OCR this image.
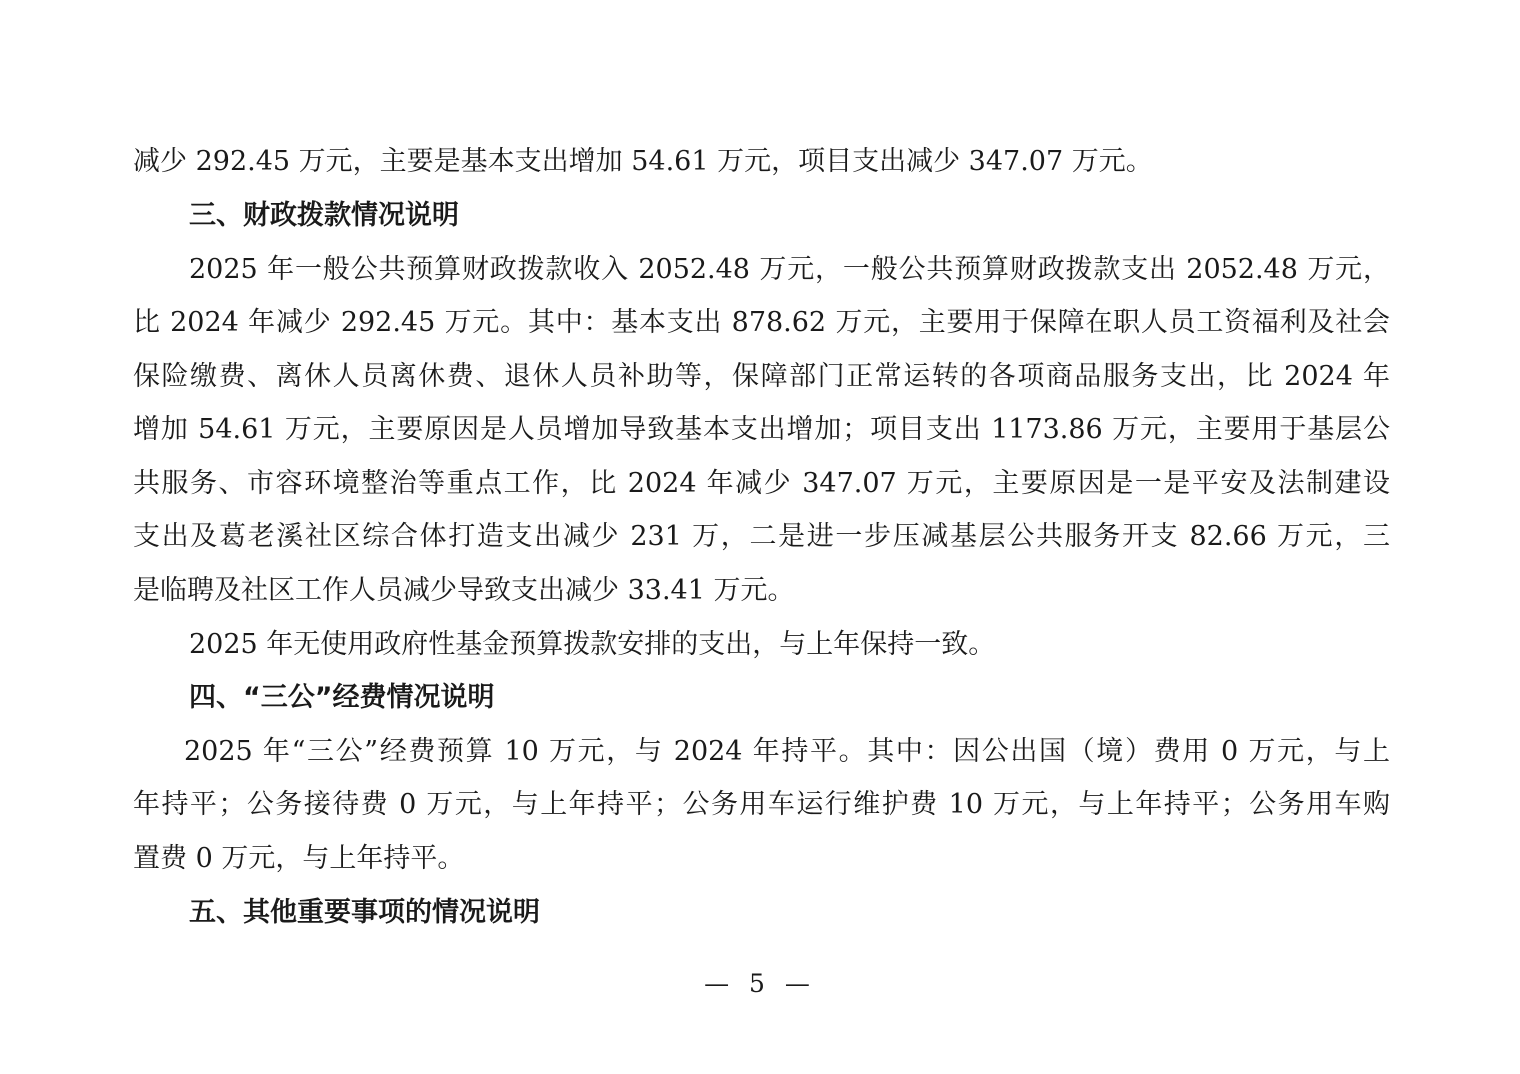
减少 292.45 万元，主要是基本支出增加 54.61 万元，项目支出减少 347.07 万元。
三、财政拨款情况说明
2025 年一般公共预算财政拨款收入 2052.48 万元，一般公共预算财政拨款支出 2052.48 万元，
比 2024 年减少 292.45 万元。其中：基本支出 878.62 万元，主要用于保障在职人员工资福利及社会
保险缴费、离休人员离休费、退休人员补助等，保障部门正常运转的各项商品服务支出，比 2024 年
增加 54.61 万元，主要原因是人员增加导致基本支出增加；项目支出 1173.86 万元，主要用于基层公
共服务、市容环境整治等重点工作，比 2024 年减少 347.07 万元，主要原因是一是平安及法制建设
支出及葛老溪社区综合体打造支出减少 231 万，二是进一步压减基层公共服务开支 82.66 万元，三
是临聘及社区工作人员减少导致支出减少 33.41 万元。
2025 年无使用政府性基金预算拨款安排的支出，与上年保持一致。
四、“三公”经费情况说明
2025 年“三公”经费预算 10 万元，与 2024 年持平。其中：因公出国（境）费用 0 万元，与上
年持平；公务接待费 0 万元，与上年持平；公务用车运行维护费 10 万元，与上年持平；公务用车购
置费 0 万元，与上年持平。
五、其他重要事项的情况说明
— 5 —
